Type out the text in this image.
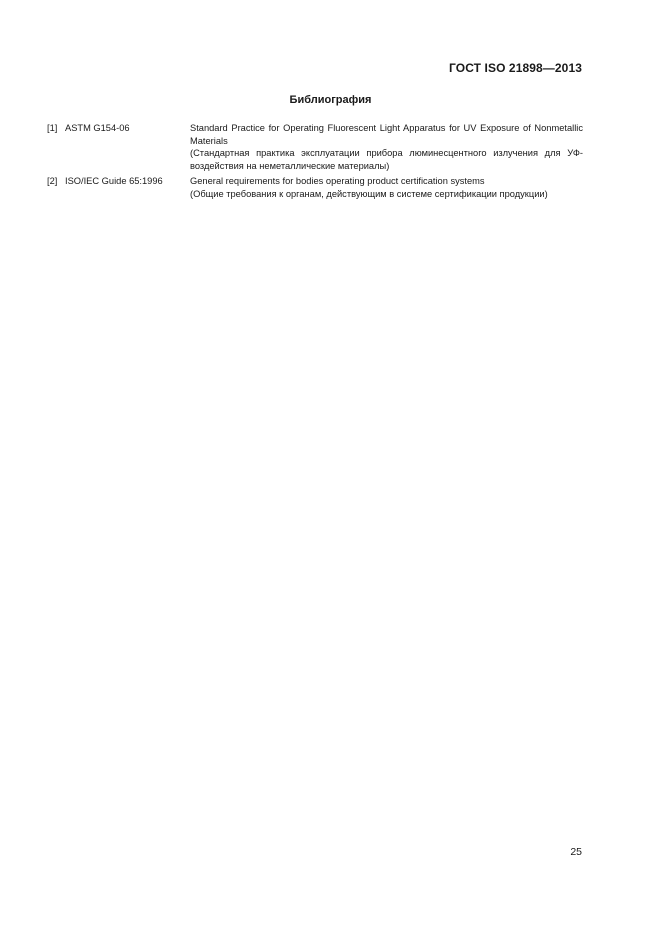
ГОСТ ISO 21898—2013
Библиография
[1] ASTM G154-06	Standard Practice for Operating Fluorescent Light Apparatus for UV Exposure of Nonmetallic Materials
(Стандартная практика эксплуатации прибора люминесцентного излучения для УФ-воздействия на неметаллические материалы)
[2] ISO/IEC Guide 65:1996	General requirements for bodies operating product certification systems
(Общие требования к органам, действующим в системе сертификации продукции)
25
